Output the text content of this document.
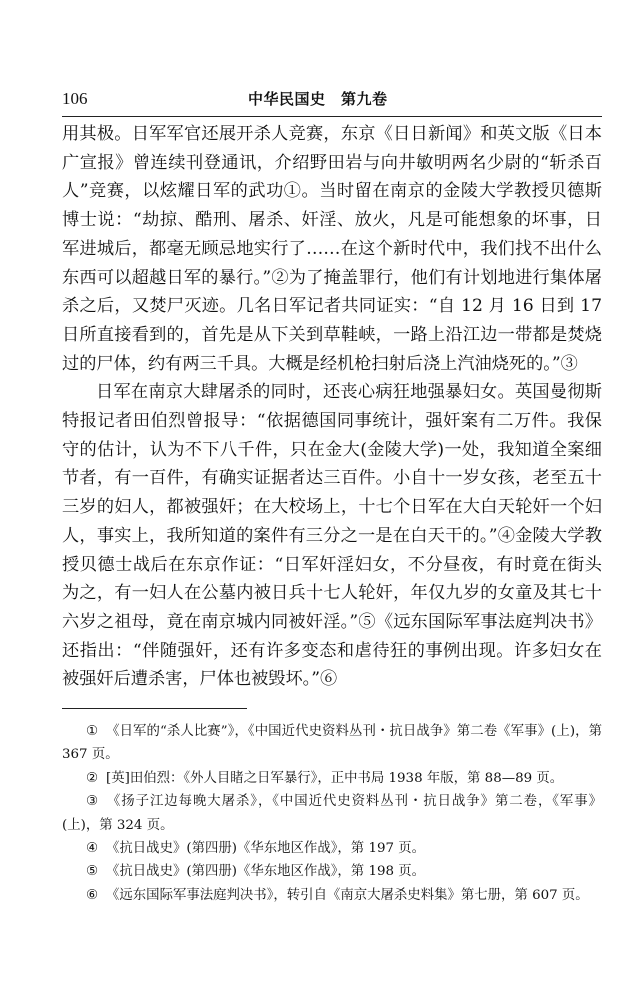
106	中华民国史　第九卷

用其极。日军军官还展开杀人竞赛，东京《日日新闻》和英文版《日本广宣报》曾连续刊登通讯，介绍野田岩与向井敏明两名少尉的“斩杀百人”竞赛，以炫耀日军的武功①。当时留在南京的金陵大学教授贝德斯博士说：“劫掠、酷刑、屠杀、奸淫、放火，凡是可能想象的坏事，日军进城后，都毫无顾忌地实行了……在这个新时代中，我们找不出什么东西可以超越日军的暴行。”②为了掩盖罪行，他们有计划地进行集体屠杀之后，又焚尸灭迹。几名日军记者共同证实：“自 12 月 16 日到 17 日所直接看到的，首先是从下关到草鞋峡，一路上沿江边一带都是焚烧过的尸体，约有两三千具。大概是经机枪扫射后浇上汽油烧死的。”③

日军在南京大肆屠杀的同时，还丧心病狂地强暴妇女。英国曼彻斯特报记者田伯烈曾报导：“依据德国同事统计，强奸案有二万件。我保守的估计，认为不下八千件，只在金大(金陵大学)一处，我知道全案细节者，有一百件，有确实证据者达三百件。小自十一岁女孩，老至五十三岁的妇人，都被强奸；在大校场上，十七个日军在大白天轮奸一个妇人，事实上，我所知道的案件有三分之一是在白天干的。”④金陵大学教授贝德士战后在东京作证：“日军奸淫妇女，不分昼夜，有时竟在街头为之，有一妇人在公墓内被日兵十七人轮奸，年仅九岁的女童及其七十六岁之祖母，竟在南京城内同被奸淫。”⑤《远东国际军事法庭判决书》还指出：“伴随强奸，还有许多变态和虐待狂的事例出现。许多妇女在被强奸后遭杀害，尸体也被毁坏。”⑥

① 《日军的“杀人比赛”》，《中国近代史资料丛刊・抗日战争》第二卷《军事》(上)，第 367 页。

② [英]田伯烈：《外人目睹之日军暴行》，正中书局 1938 年版，第 88—89 页。

③ 《扬子江边每晚大屠杀》，《中国近代史资料丛刊・抗日战争》第二卷，《军事》(上)，第 324 页。

④ 《抗日战史》(第四册)《华东地区作战》，第 197 页。

⑤ 《抗日战史》(第四册)《华东地区作战》，第 198 页。

⑥ 《远东国际军事法庭判决书》，转引自《南京大屠杀史料集》第七册，第 607 页。
